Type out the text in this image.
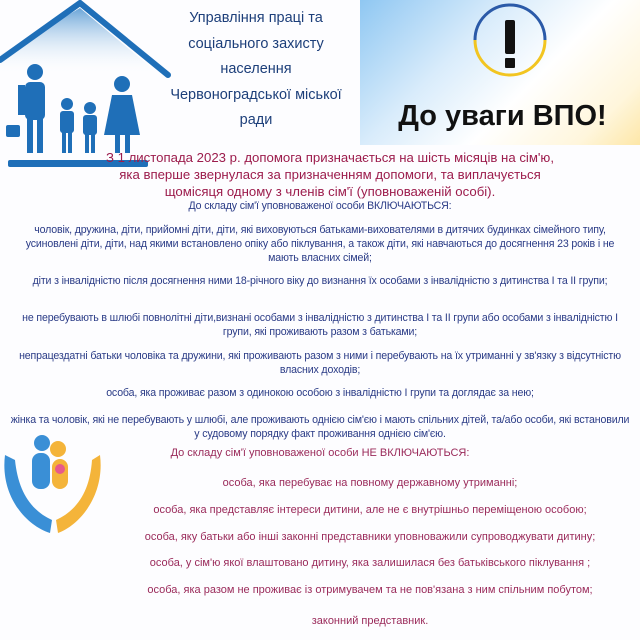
Управління праці та
соціального захисту
населення
Червоноградської міської
ради	До уваги ВПО!
З 1 листопада 2023 р. допомога призначається на шість місяців на сім'ю, яка вперше звернулася за призначенням допомоги, та виплачується щомісяця одному з членів сім'ї (уповноваженій особі).
До складу сім'ї уповноваженої особи ВКЛЮЧАЮТЬСЯ:
чоловік, дружина, діти, прийомні діти, діти, які виховуються батьками-вихователями в дитячих будинках сімейного типу, усиновлені діти, діти, над якими встановлено опіку або піклування, а також діти, які навчаються до досягнення 23 років і не мають власних сімей;
діти з інвалідністю після досягнення ними 18-річного віку до визнання їх особами з інвалідністю з дитинства I та II групи;
не перебувають в шлюбі повнолітні діти,визнані особами з інвалідністю з дитинства I та II групи або особами з інвалідністю I групи, які проживають разом з батьками;
непрацездатні батьки чоловіка та дружини, які проживають разом з ними і перебувають на їх утриманні у зв'язку з відсутністю власних доходів;
особа, яка проживає разом з одинокою особою з інвалідністю I групи та доглядає за нею;
жінка та чоловік, які не перебувають у шлюбі, але проживають однією сім'єю і мають спільних дітей, та/або особи, які встановили у судовому порядку факт проживання однією сім'єю.
До складу сім'ї уповноваженої особи НЕ ВКЛЮЧАЮТЬСЯ:
особа, яка перебуває на повному державному утриманні;
особа, яка представляє інтереси дитини, але не є внутрішньо переміщеною особою;
особа, яку батьки або інші законні представники уповноважили супроводжувати дитину;
особа, у сім'ю якої влаштовано дитину, яка залишилася без батьківського піклування ;
особа, яка разом не проживає із отримувачем та не пов'язана з ним спільним побутом;
законний представник.
